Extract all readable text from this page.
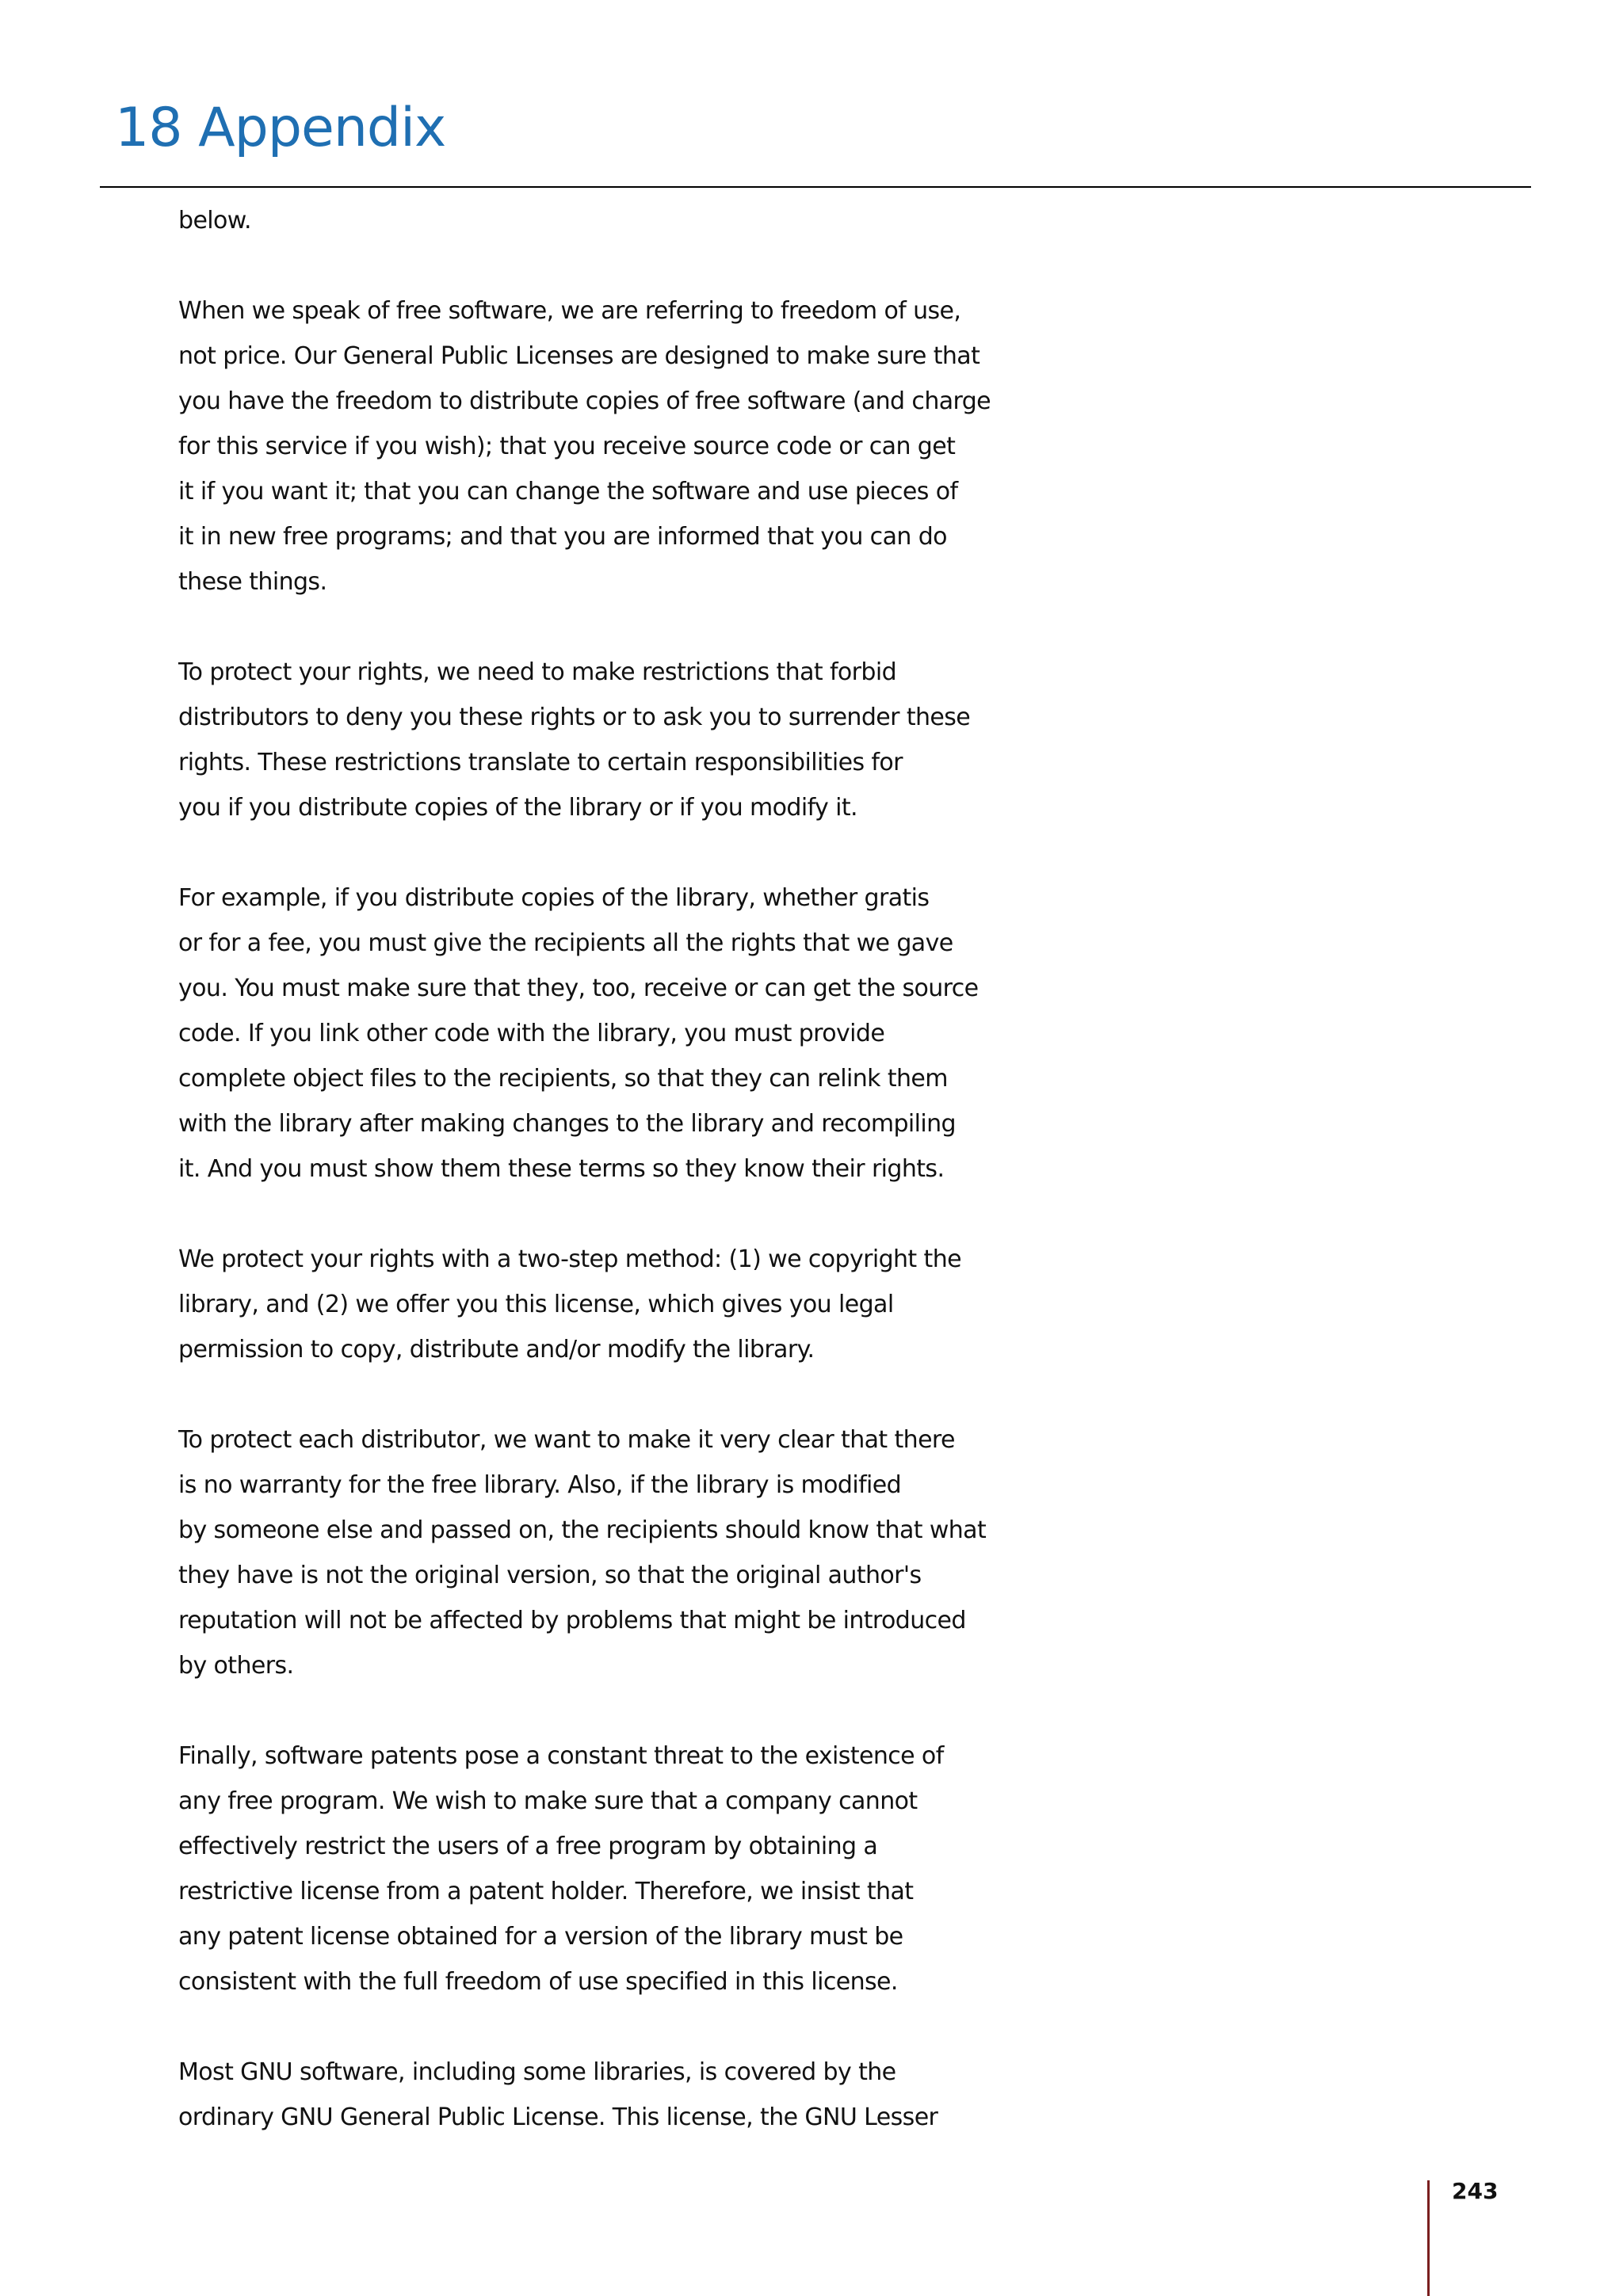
18 Appendix
below.
When we speak of free software, we are referring to freedom of use,
not price. Our General Public Licenses are designed to make sure that
you have the freedom to distribute copies of free software (and charge
for this service if you wish); that you receive source code or can get
it if you want it; that you can change the software and use pieces of
it in new free programs; and that you are informed that you can do
these things.
To protect your rights, we need to make restrictions that forbid
distributors to deny you these rights or to ask you to surrender these
rights. These restrictions translate to certain responsibilities for
you if you distribute copies of the library or if you modify it.
For example, if you distribute copies of the library, whether gratis
or for a fee, you must give the recipients all the rights that we gave
you. You must make sure that they, too, receive or can get the source
code. If you link other code with the library, you must provide
complete object files to the recipients, so that they can relink them
with the library after making changes to the library and recompiling
it. And you must show them these terms so they know their rights.
We protect your rights with a two-step method: (1) we copyright the
library, and (2) we offer you this license, which gives you legal
permission to copy, distribute and/or modify the library.
To protect each distributor, we want to make it very clear that there
is no warranty for the free library. Also, if the library is modified
by someone else and passed on, the recipients should know that what
they have is not the original version, so that the original author's
reputation will not be affected by problems that might be introduced
by others.
Finally, software patents pose a constant threat to the existence of
any free program. We wish to make sure that a company cannot
effectively restrict the users of a free program by obtaining a
restrictive license from a patent holder. Therefore, we insist that
any patent license obtained for a version of the library must be
consistent with the full freedom of use specified in this license.
Most GNU software, including some libraries, is covered by the
ordinary GNU General Public License. This license, the GNU Lesser
243
